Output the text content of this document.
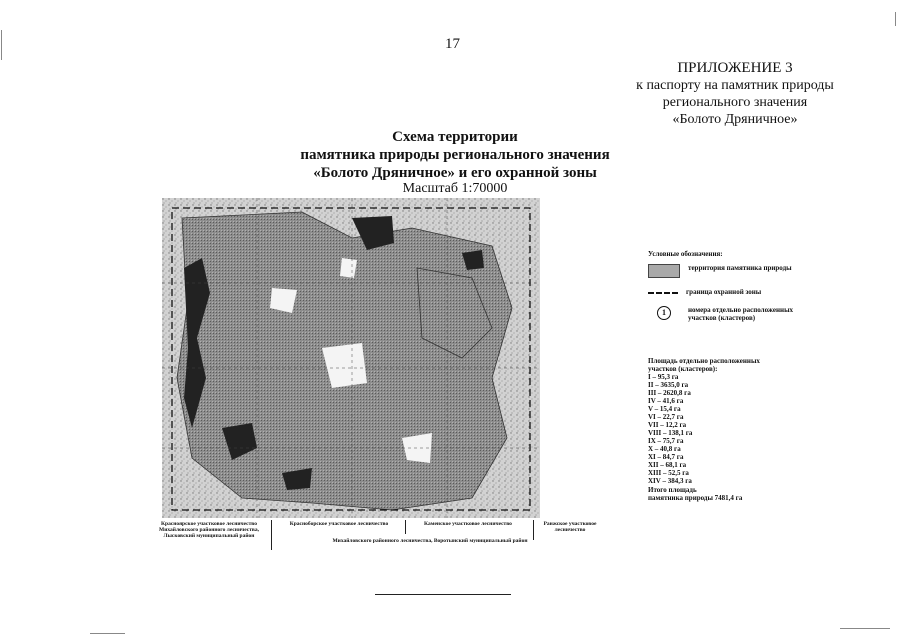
17
ПРИЛОЖЕНИЕ 3
к паспорту на памятник природы
регионального значения
«Болото Дряничное»
Схема территории
памятника природы регионального значения
«Болото Дряничное» и его охранной зоны
Масштаб 1:70000
Условные обозначения:
территория памятника природы
граница охранной зоны
1	номера отдельно расположенных участков (кластеров)
Площадь отдельно расположенных участков (кластеров):
I – 95,3 га
II – 3635,0 га
III – 2620,8 га
IV – 41,6 га
V – 15,4 га
VI – 22,7 га
VII – 12,2 га
VIII – 138,1 га
IX – 75,7 га
X – 40,8 га
XI – 84,7 га
XII – 68,1 га
XIII – 52,5 га
XIV – 384,3 га
Итого площадь
памятника природы 7481,4 га
Красноярское участковое лесничество Михайловского районного лесничества, Лысковский муниципальный район
Красноборское участковое лесничество	Каменское участковое лесничество	Ранжское участковое лесничество
Михайловского районного лесничества, Воротынский муниципальный район
